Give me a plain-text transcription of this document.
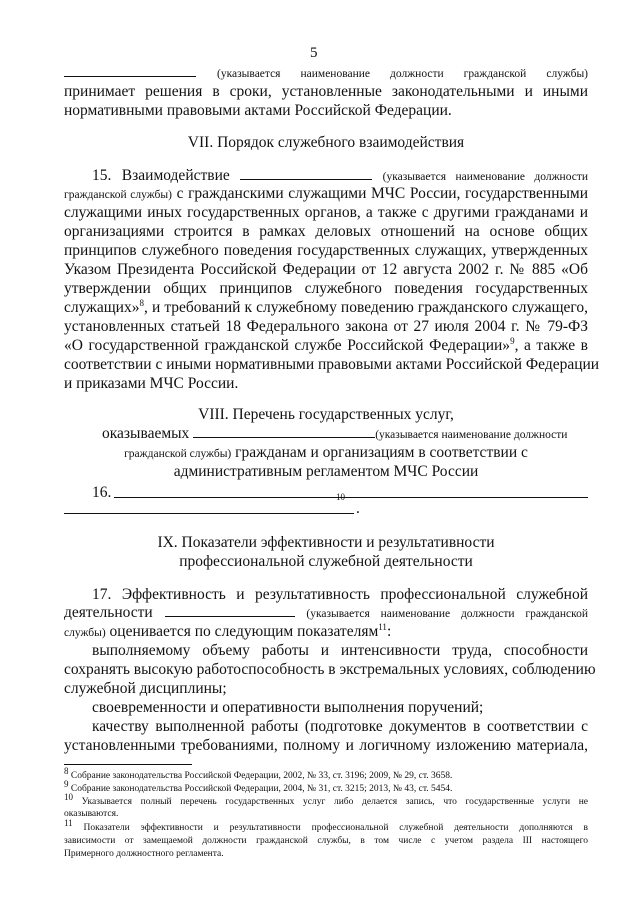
5
(указывается наименование должности гражданской службы)
принимает решения в сроки, установленные законодательными и иными
нормативными правовыми актами Российской Федерации.
VII. Порядок служебного взаимодействия
15. Взаимодействие	(указывается наименование должности
гражданской службы) с гражданскими служащими МЧС России, государственными
служащими иных государственных органов, а также с другими гражданами и
организациями строится в рамках деловых отношений на основе общих
принципов служебного поведения государственных служащих, утвержденных
Указом Президента Российской Федерации от 12 августа 2002 г. № 885 «Об
утверждении общих принципов служебного поведения государственных
служащих»$^8$, и требований к служебному поведению гражданского служащего,
установленных статьей 18 Федерального закона от 27 июля 2004 г. № 79-ФЗ
«О государственной гражданской службе Российской Федерации»$^9$, а также в
соответствии с иными нормативными правовыми актами Российской Федерации
и приказами МЧС России.
VIII. Перечень государственных услуг,
оказываемых	(указывается наименование должности
гражданской службы) гражданам и организациям в соответствии с
административным регламентом МЧС России
16.	10
.
IX. Показатели эффективности и результативности
профессиональной служебной деятельности
17. Эффективность и результативность профессиональной служебной
деятельности	(указывается наименование должности гражданской
службы) оценивается по следующим показателям$^{11}$:
выполняемому объему работы и интенсивности труда, способности
сохранять высокую работоспособность в экстремальных условиях, соблюдению
служебной дисциплины;
своевременности и оперативности выполнения поручений;
качеству выполненной работы (подготовке документов в соответствии с
установленными требованиями, полному и логичному изложению материала,
$^8$ Собрание законодательства Российской Федерации, 2002, № 33, ст. 3196; 2009, № 29, ст. 3658.
$^9$ Собрание законодательства Российской Федерации, 2004, № 31, ст. 3215; 2013, № 43, ст. 5454.
$^{10}$ Указывается полный перечень государственных услуг либо делается запись, что государственные услуги не
оказываются.
$^{11}$ Показатели эффективности и результативности профессиональной служебной деятельности дополняются в
зависимости от замещаемой должности гражданской службы, в том числе с учетом раздела III настоящего
Примерного должностного регламента.
